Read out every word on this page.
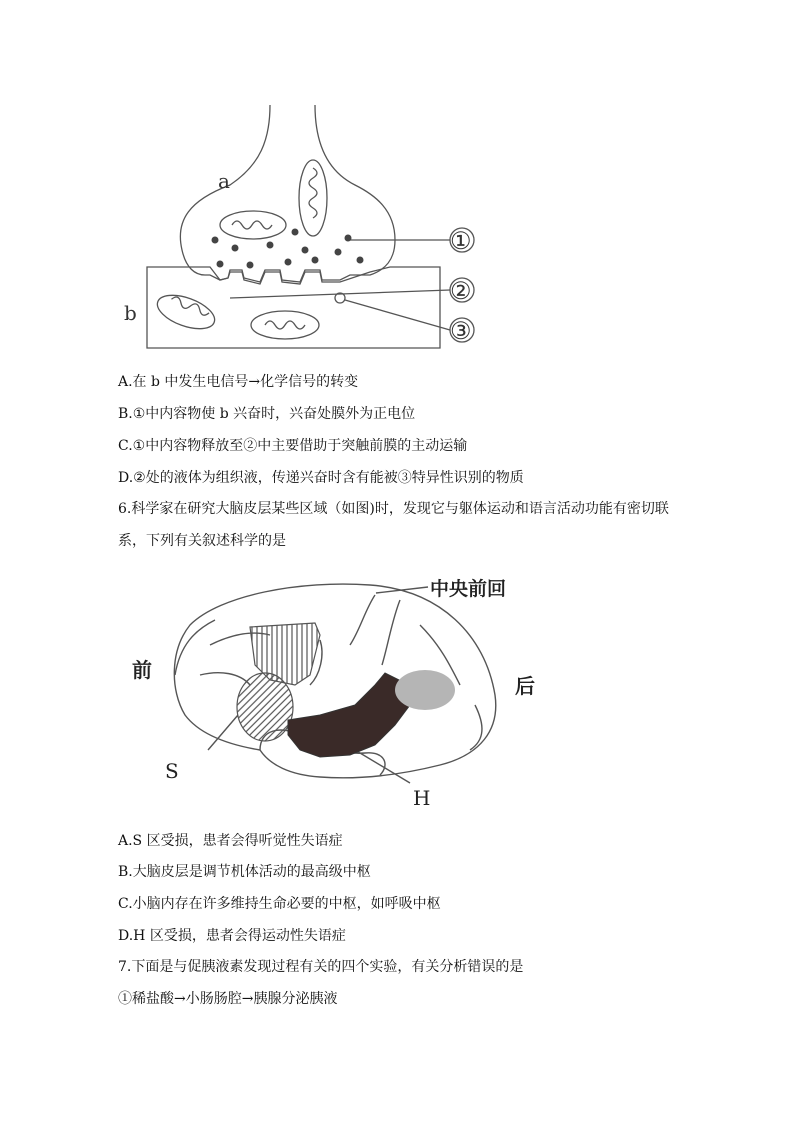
a
b
①
②
③
A.在 b 中发生电信号→化学信号的转变
B.①中内容物使 b 兴奋时，兴奋处膜外为正电位
C.①中内容物释放至②中主要借助于突触前膜的主动运输
D.②处的液体为组织液，传递兴奋时含有能被③特异性识别的物质
6.科学家在研究大脑皮层某些区域（如图)时，发现它与躯体运动和语言活动功能有密切联
系，下列有关叙述科学的是
中央前回
前
后
S
H
A.S 区受损，患者会得听觉性失语症
B.大脑皮层是调节机体活动的最高级中枢
C.小脑内存在许多维持生命必要的中枢，如呼吸中枢
D.H 区受损，患者会得运动性失语症
7.下面是与促胰液素发现过程有关的四个实验，有关分析错误的是
①稀盐酸→小肠肠腔→胰腺分泌胰液
